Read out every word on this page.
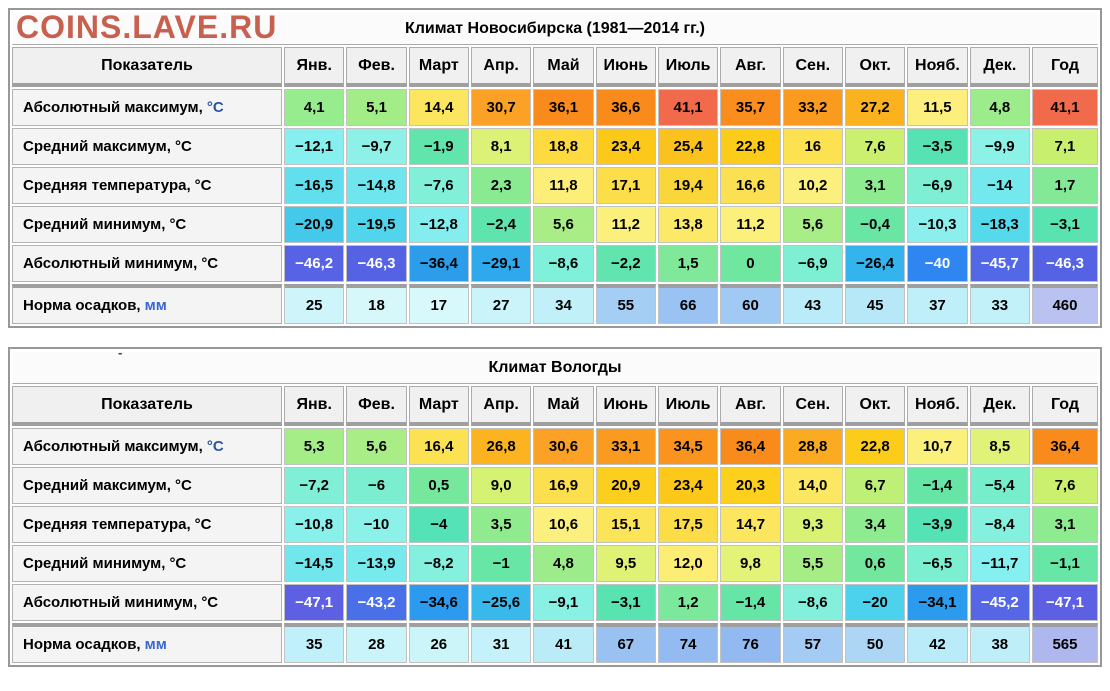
COINS.LAVE.RU	Климат Новосибирска (1981—2014 гг.)													
Показатель	Янв.	Фев.	Март	Апр.	Май	Июнь	Июль	Авг.	Сен.	Окт.	Нояб.	Дек.	Год
Абсолютный максимум, °C	4,1	5,1	14,4	30,7	36,1	36,6	41,1	35,7	33,2	27,2	11,5	4,8	41,1
Средний максимум, °C	−12,1	−9,7	−1,9	8,1	18,8	23,4	25,4	22,8	16	7,6	−3,5	−9,9	7,1
Средняя температура, °C	−16,5	−14,8	−7,6	2,3	11,8	17,1	19,4	16,6	10,2	3,1	−6,9	−14	1,7
Средний минимум, °C	−20,9	−19,5	−12,8	−2,4	5,6	11,2	13,8	11,2	5,6	−0,4	−10,3	−18,3	−3,1
Абсолютный минимум, °C	−46,2	−46,3	−36,4	−29,1	−8,6	−2,2	1,5	0	−6,9	−26,4	−40	−45,7	−46,3
Норма осадков, мм	25	18	17	27	34	55	66	60	43	45	37	33	460
-
Климат Вологды													
Показатель	Янв.	Фев.	Март	Апр.	Май	Июнь	Июль	Авг.	Сен.	Окт.	Нояб.	Дек.	Год
Абсолютный максимум, °C	5,3	5,6	16,4	26,8	30,6	33,1	34,5	36,4	28,8	22,8	10,7	8,5	36,4
Средний максимум, °C	−7,2	−6	0,5	9,0	16,9	20,9	23,4	20,3	14,0	6,7	−1,4	−5,4	7,6
Средняя температура, °C	−10,8	−10	−4	3,5	10,6	15,1	17,5	14,7	9,3	3,4	−3,9	−8,4	3,1
Средний минимум, °C	−14,5	−13,9	−8,2	−1	4,8	9,5	12,0	9,8	5,5	0,6	−6,5	−11,7	−1,1
Абсолютный минимум, °C	−47,1	−43,2	−34,6	−25,6	−9,1	−3,1	1,2	−1,4	−8,6	−20	−34,1	−45,2	−47,1
Норма осадков, мм	35	28	26	31	41	67	74	76	57	50	42	38	565
